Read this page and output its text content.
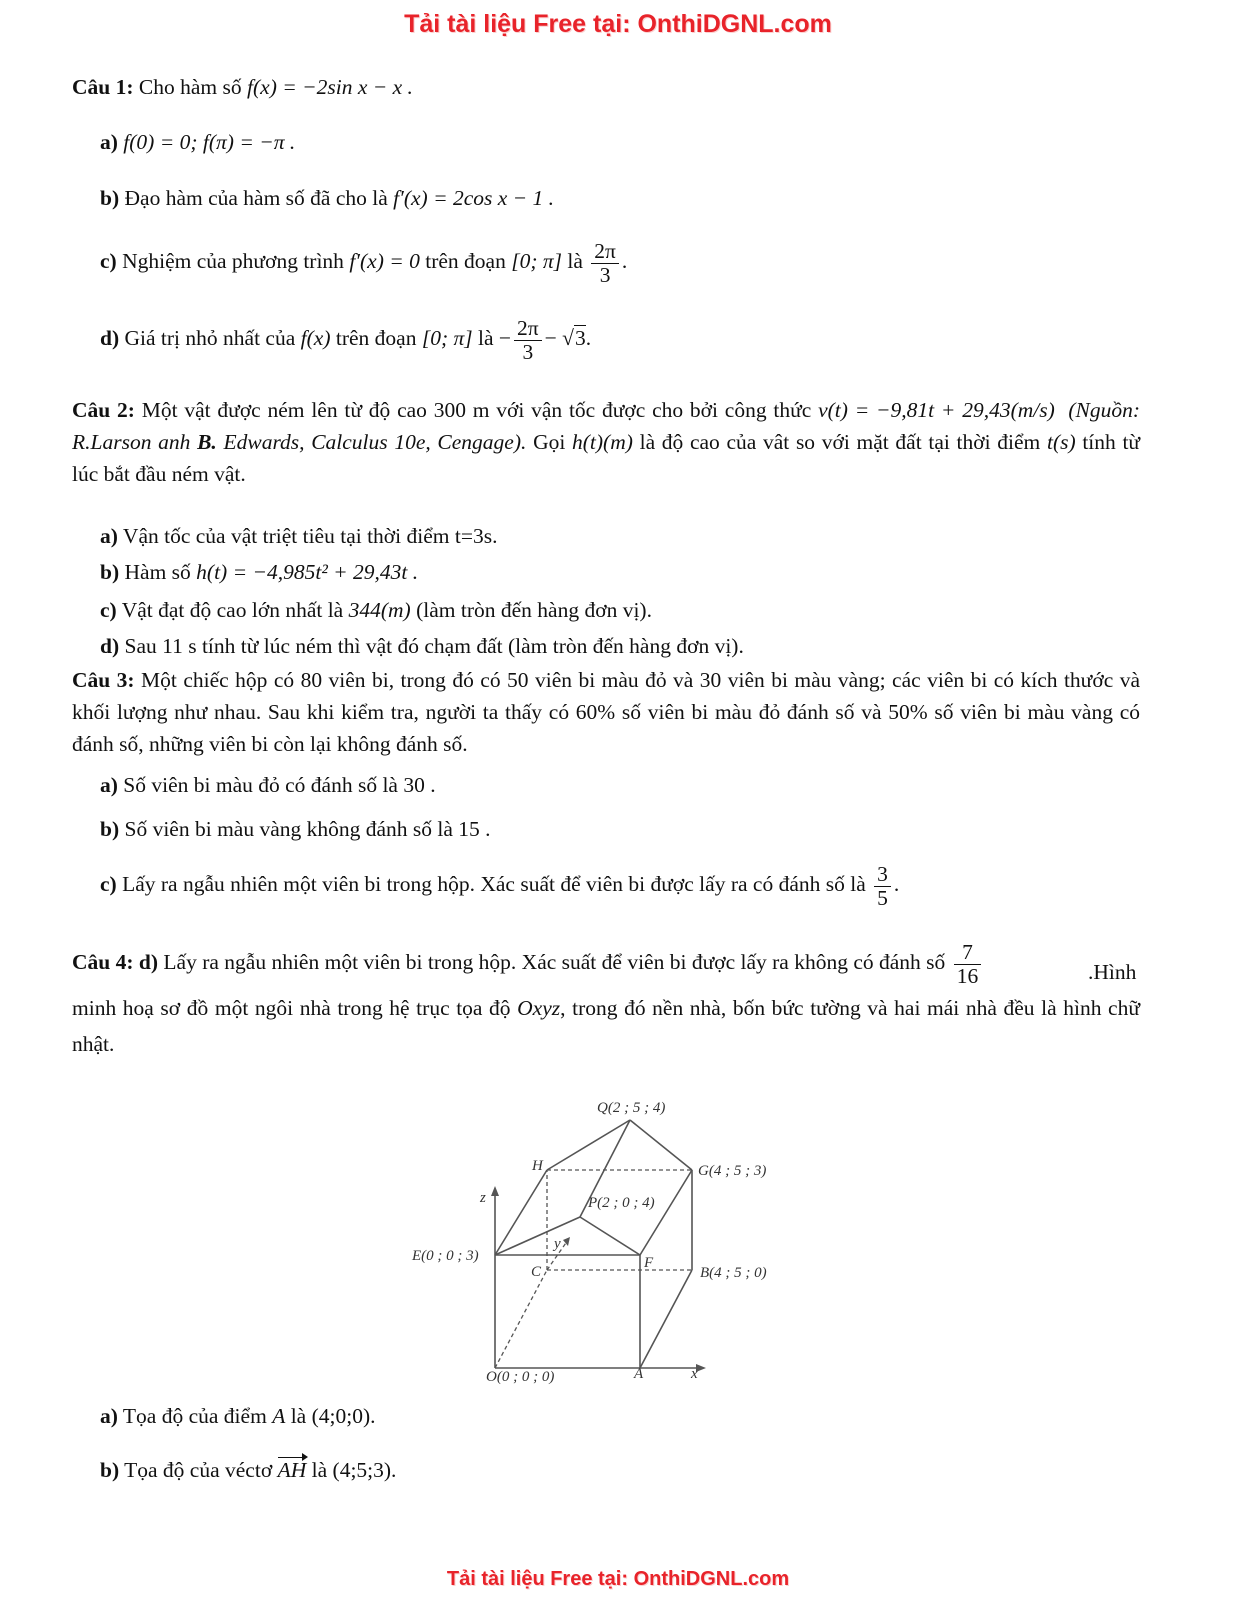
Tải tài liệu Free tại: OnthiDGNL.com
Câu 1: Cho hàm số f(x) = −2sin x − x .
a) f(0) = 0; f(π) = −π .
b) Đạo hàm của hàm số đã cho là f′(x) = 2cos x − 1 .
c) Nghiệm của phương trình f′(x) = 0 trên đoạn [0; π] là $\frac{2\pi}{3}$ .
d) Giá trị nhỏ nhất của f(x) trên đoạn [0; π] là − $\frac{2\pi}{3} - √3$.
Câu 2: Một vật được ném lên từ độ cao 300 m với vận tốc được cho bởi công thức v(t) = −9,81t + 29,43(m/s) (Nguồn: R.Larson anh B. Edwards, Calculus 10e, Cengage). Gọi h(t)(m) là độ cao của vât so với mặt đất tại thời điểm t(s) tính từ lúc bắt đầu ném vật.
a) Vận tốc của vật triệt tiêu tại thời điểm t=3s.
b) Hàm số h(t) = −4,985t² + 29,43t .
c) Vật đạt độ cao lớn nhất là 344(m) (làm tròn đến hàng đơn vị).
d) Sau 11 s tính từ lúc ném thì vật đó chạm đất (làm tròn đến hàng đơn vị).
Câu 3: Một chiếc hộp có 80 viên bi, trong đó có 50 viên bi màu đỏ và 30 viên bi màu vàng; các viên bi có kích thước và khối lượng như nhau. Sau khi kiểm tra, người ta thấy có 60% số viên bi màu đỏ đánh số và 50% số viên bi màu vàng có đánh số, những viên bi còn lại không đánh số.
a) Số viên bi màu đỏ có đánh số là 30 .
b) Số viên bi màu vàng không đánh số là 15 .
c) Lấy ra ngẫu nhiên một viên bi trong hộp. Xác suất để viên bi được lấy ra có đánh số là $\frac{3}{5}$ .
Câu 4: d) Lấy ra ngẫu nhiên một viên bi trong hộp. Xác suất để viên bi được lấy ra không có đánh số $\frac{7}{16}$	.Hình minh hoạ sơ đồ một ngôi nhà trong hệ trục tọa độ Oxyz, trong đó nền nhà, bốn bức tường và hai mái nhà đều là hình chữ nhật.
Q(2 ; 5 ; 4)
H	G(4 ; 5 ; 3)
P(2 ; 0 ; 4)
z
y
E(0 ; 0 ; 3)
C
F
B(4 ; 5 ; 0)
O(0 ; 0 ; 0)	A	x
a) Tọa độ của điểm A là (4;0;0).
b) Tọa độ của véctơ AH là (4;5;3).
Tải tài liệu Free tại: OnthiDGNL.com
